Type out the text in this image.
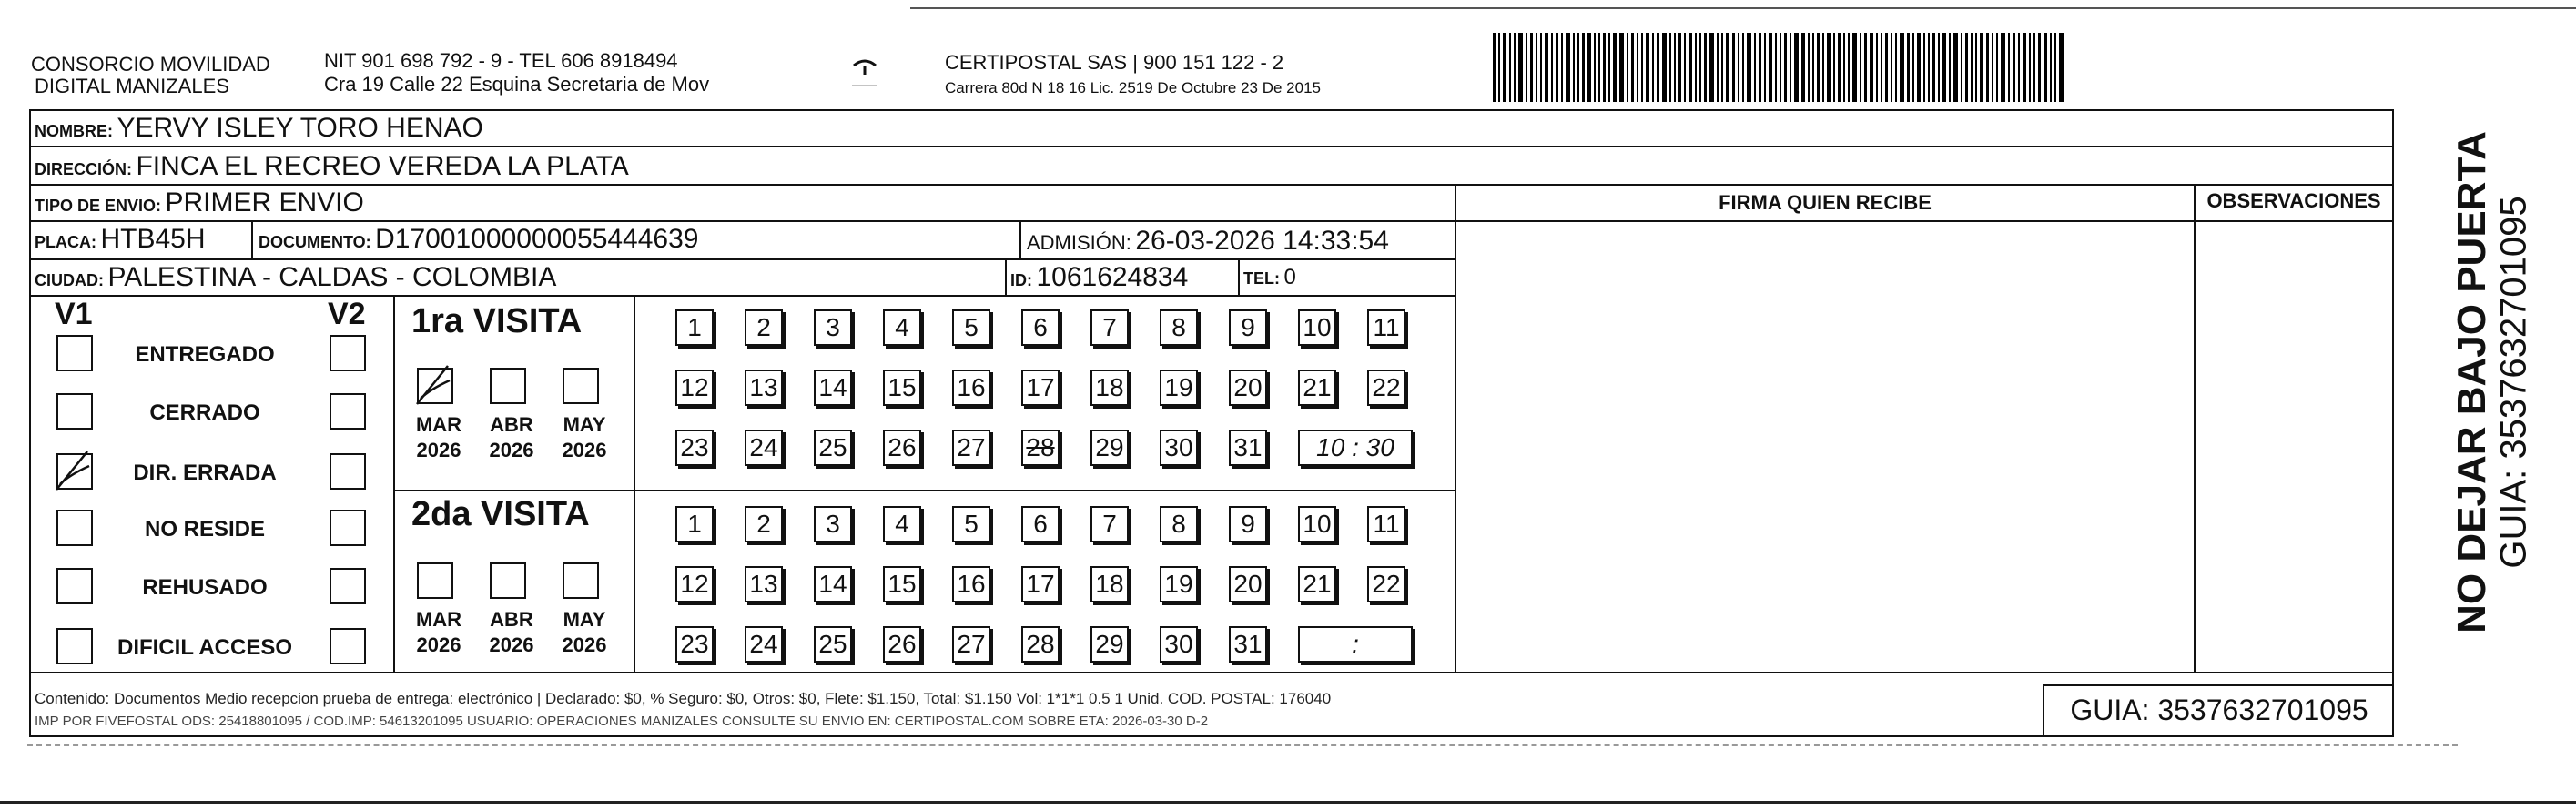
CONSORCIO MOVILIDAD
DIGITAL MANIZALES
NIT 901 698 792 - 9 - TEL 606 8918494
Cra 19 Calle 22 Esquina Secretaria de Mov
CERTIPOSTAL SAS | 900 151 122 - 2
Carrera 80d N 18 16 Lic. 2519 De Octubre 23 De 2015
NOMBRE: YERVY ISLEY TORO HENAO
DIRECCIÓN: FINCA EL RECREO VEREDA LA PLATA
TIPO DE ENVIO: PRIMER ENVIO
PLACA: HTB45H	DOCUMENTO: D17001000000055444639	ADMISIÓN: 26-03-2026 14:33:54
CIUDAD: PALESTINA - CALDAS - COLOMBIA	ID: 1061624834	TEL: 0
FIRMA QUIEN RECIBE	OBSERVACIONES
V1	V2
ENTREGADO
CERRADO
DIR. ERRADA
NO RESIDE
REHUSADO
DIFICIL ACCESO
1ra VISITA
MAR
2026
ABR
2026
MAY
2026
1	2	3	4	5	6	7	8	9	10 11
12 13 14 15 16 17 18 19 20 21 22
23 24 25 26 27 28 29 30 31	10 : 30
2da VISITA
MAR
2026
ABR
2026
MAY
2026
1	2	3	4	5	6	7	8	9	10 11
12 13 14 15 16 17 18 19 20 21 22
23 24 25 26 27 28 29 30 31	:
Contenido: Documentos Medio recepcion prueba de entrega: electrónico | Declarado: $0, % Seguro: $0, Otros: $0, Flete: $1.150, Total: $1.150 Vol: 1*1*1 0.5 1 Unid. COD. POSTAL: 176040
IMP POR FIVEFOSTAL ODS: 25418801095 / COD.IMP: 54613201095 USUARIO: OPERACIONES MANIZALES CONSULTE SU ENVIO EN: CERTIPOSTAL.COM SOBRE ETA: 2026-03-30 D-2	GUIA: 3537632701095
NO DEJAR BAJO PUERTA GUIA: 3537632701095
